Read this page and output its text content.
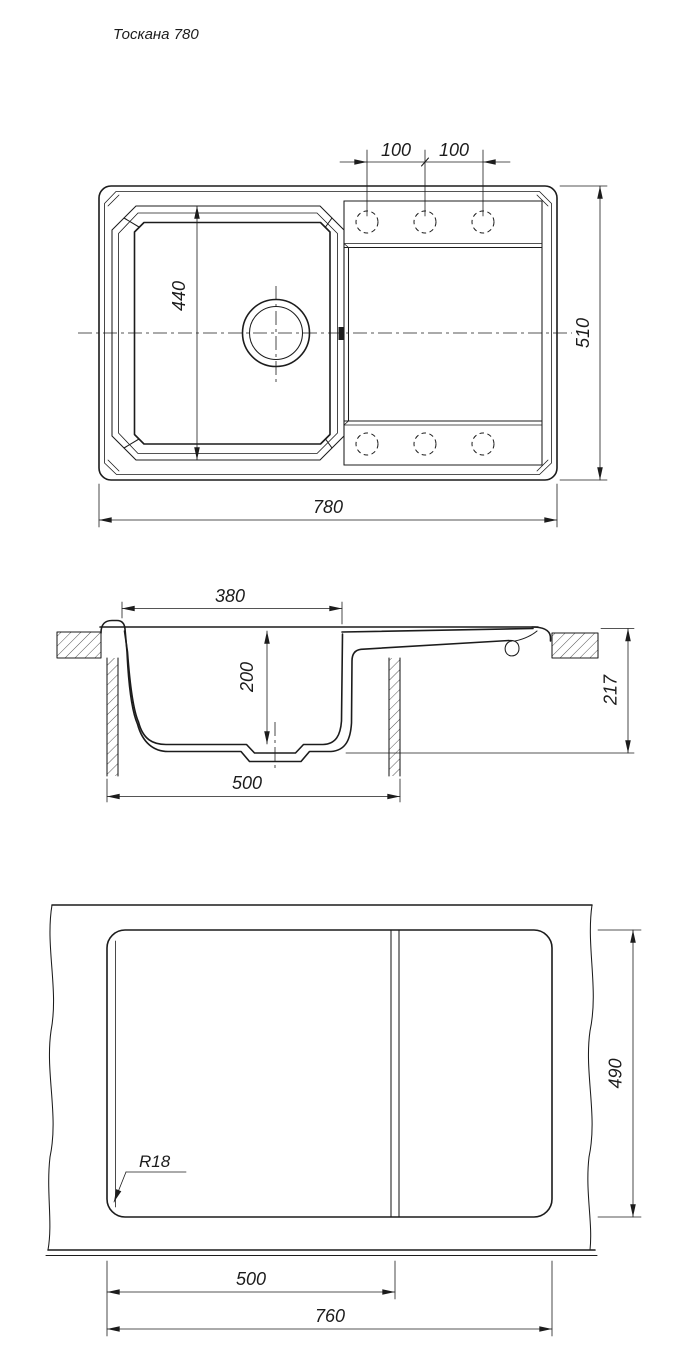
Тоскана 780
100 100
440
510
780
380
200	217
500
R18
490
500
760
